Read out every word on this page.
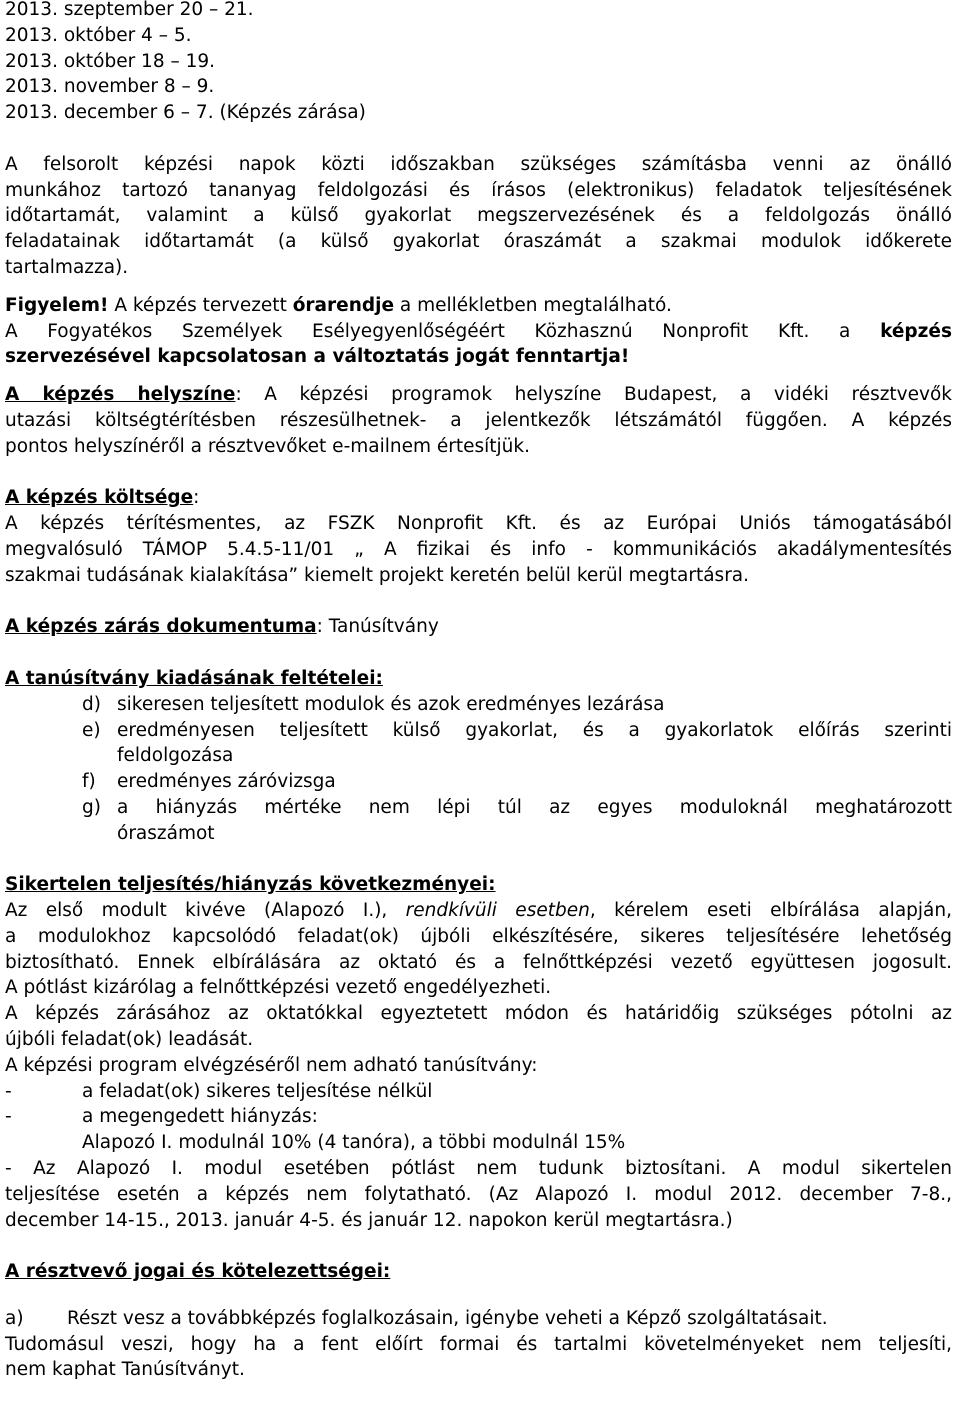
2013. szeptember 20 – 21.
2013. október 4 – 5.
2013. október 18 – 19.
2013. november 8 – 9.
2013. december 6 – 7. (Képzés zárása)
A felsorolt képzési napok közti időszakban szükséges számításba venni az önálló
munkához tartozó tananyag feldolgozási és írásos (elektronikus) feladatok teljesítésének
időtartamát, valamint a külső gyakorlat megszervezésének és a feldolgozás önálló
feladatainak időtartamát (a külső gyakorlat óraszámát a szakmai modulok időkerete
tartalmazza).
Figyelem! A képzés tervezett órarendje a mellékletben megtalálható.
A Fogyatékos Személyek Esélyegyenlőségéért Közhasznú Nonprofit Kft. a képzés
szervezésével kapcsolatosan a változtatás jogát fenntartja!
A képzés helyszíne: A képzési programok helyszíne Budapest, a vidéki résztvevők
utazási költségtérítésben részesülhetnek- a jelentkezők létszámától függően. A képzés
pontos helyszínéről a résztvevőket e-mailnem értesítjük.
A képzés költsége:
A képzés térítésmentes, az FSZK Nonprofit Kft. és az Európai Uniós támogatásából
megvalósuló TÁMOP 5.4.5-11/01 „ A fizikai és info - kommunikációs akadálymentesítés
szakmai tudásának kialakítása” kiemelt projekt keretén belül kerül megtartásra.
A képzés zárás dokumentuma: Tanúsítvány
A tanúsítvány kiadásának feltételei:
d) sikeresen teljesített modulok és azok eredményes lezárása
e) eredményesen teljesített külső gyakorlat, és a gyakorlatok előírás szerinti
feldolgozása
f)	eredményes záróvizsga
g) a hiányzás mértéke nem lépi túl az egyes moduloknál meghatározott
óraszámot
Sikertelen teljesítés/hiányzás következményei:
Az első modult kivéve (Alapozó I.), rendkívüli esetben, kérelem eseti elbírálása alapján,
a modulokhoz kapcsolódó feladat(ok) újbóli elkészítésére, sikeres teljesítésére lehetőség
biztosítható. Ennek elbírálására az oktató és a felnőttképzési vezető együttesen jogosult.
A pótlást kizárólag a felnőttképzési vezető engedélyezheti.
A képzés zárásához az oktatókkal egyeztetett módon és határidőig szükséges pótolni az
újbóli feladat(ok) leadását.
A képzési program elvégzéséről nem adható tanúsítvány:
-	a feladat(ok) sikeres teljesítése nélkül
-	a megengedett hiányzás:
Alapozó I. modulnál 10% (4 tanóra), a többi modulnál 15%
- Az Alapozó I. modul esetében pótlást nem tudunk biztosítani. A modul sikertelen
teljesítése esetén a képzés nem folytatható. (Az Alapozó I. modul 2012. december 7-8.,
december 14-15., 2013. január 4-5. és január 12. napokon kerül megtartásra.)
A résztvevő jogai és kötelezettségei:
a)	Részt vesz a továbbképzés foglalkozásain, igénybe veheti a Képző szolgáltatásait.
Tudomásul veszi, hogy ha a fent előírt formai és tartalmi követelményeket nem teljesíti,
nem kaphat Tanúsítványt.
